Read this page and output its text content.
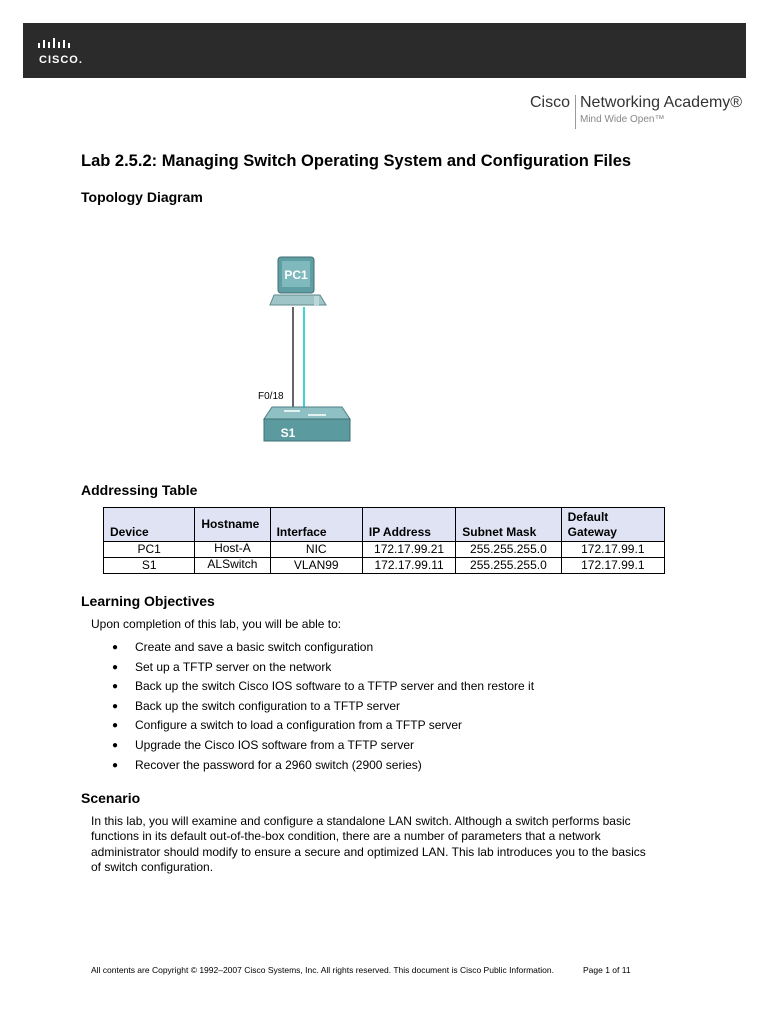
CISCO.
Cisco Networking Academy®
Mind Wide Open™
Lab 2.5.2: Managing Switch Operating System and Configuration Files
Topology Diagram
PC1
F0/18
S1
Addressing Table
Device	Hostname	Interface	IP Address	Subnet Mask	Default Gateway
PC1	Host-A	NIC	172.17.99.21	255.255.255.0	172.17.99.1
S1	ALSwitch	VLAN99	172.17.99.11	255.255.255.0	172.17.99.1
Learning Objectives
Upon completion of this lab, you will be able to:
● Create and save a basic switch configuration
● Set up a TFTP server on the network
● Back up the switch Cisco IOS software to a TFTP server and then restore it
● Back up the switch configuration to a TFTP server
● Configure a switch to load a configuration from a TFTP server
● Upgrade the Cisco IOS software from a TFTP server
● Recover the password for a 2960 switch (2900 series)
Scenario
In this lab, you will examine and configure a standalone LAN switch. Although a switch performs basic
functions in its default out-of-the-box condition, there are a number of parameters that a network
administrator should modify to ensure a secure and optimized LAN. This lab introduces you to the basics
of switch configuration.
All contents are Copyright © 1992–2007 Cisco Systems, Inc. All rights reserved. This document is Cisco Public Information.	Page 1 of 11
